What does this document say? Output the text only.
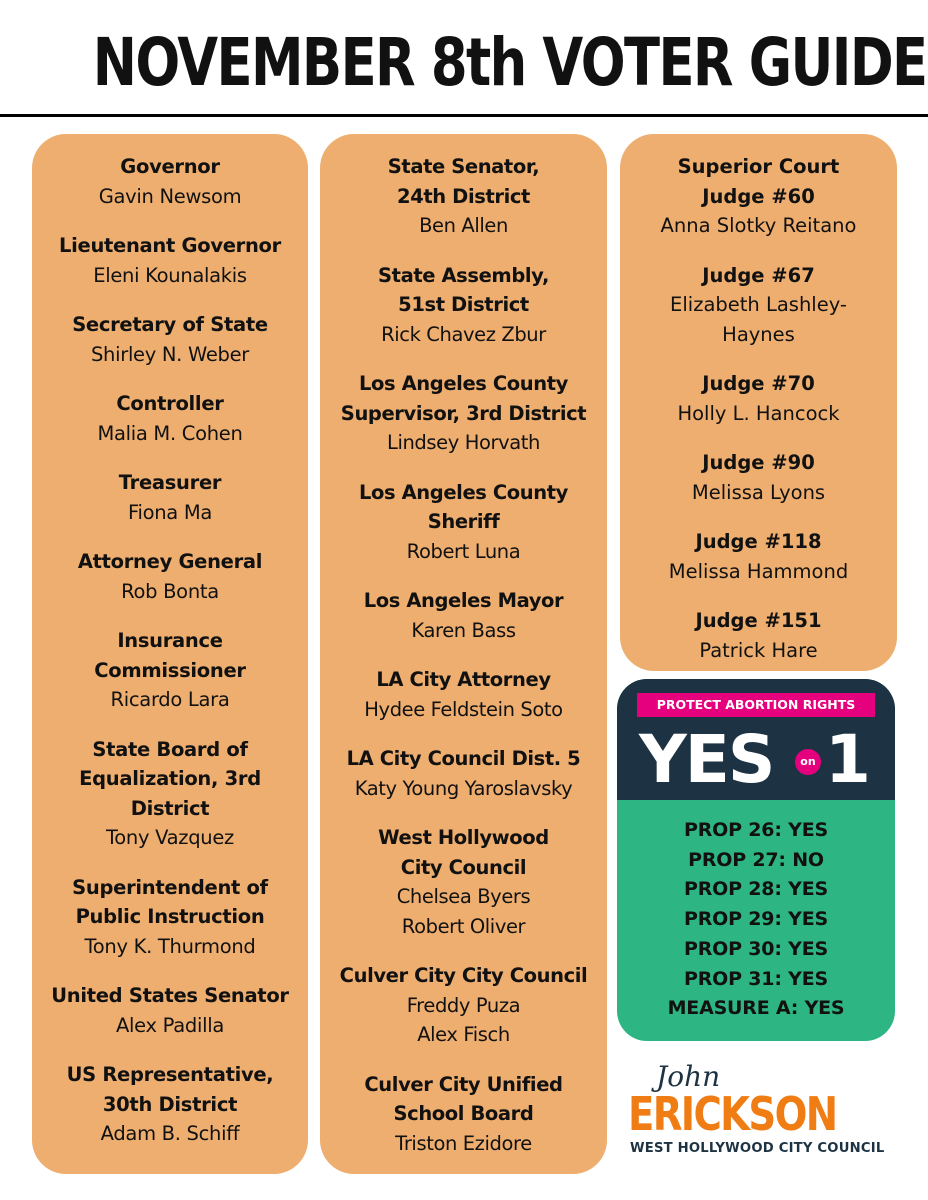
NOVEMBER 8th VOTER GUIDE
Governor
Gavin Newsom
Lieutenant Governor
Eleni Kounalakis
Secretary of State
Shirley N. Weber
Controller
Malia M. Cohen
Treasurer
Fiona Ma
Attorney General
Rob Bonta
Insurance
Commissioner
Ricardo Lara
State Board of
Equalization, 3rd
District
Tony Vazquez
Superintendent of
Public Instruction
Tony K. Thurmond
United States Senator
Alex Padilla
US Representative,
30th District
Adam B. Schiff
State Senator,
24th District
Ben Allen
State Assembly,
51st District
Rick Chavez Zbur
Los Angeles County
Supervisor, 3rd District
Lindsey Horvath
Los Angeles County
Sheriff
Robert Luna
Los Angeles Mayor
Karen Bass
LA City Attorney
Hydee Feldstein Soto
LA City Council Dist. 5
Katy Young Yaroslavsky
West Hollywood
City Council
Chelsea Byers
Robert Oliver
Culver City City Council
Freddy Puza
Alex Fisch
Culver City Unified
School Board
Triston Ezidore
Superior Court
Judge #60
Anna Slotky Reitano
Judge #67
Elizabeth Lashley-
Haynes
Judge #70
Holly L. Hancock
Judge #90
Melissa Lyons
Judge #118
Melissa Hammond
Judge #151
Patrick Hare
PROTECT ABORTION RIGHTS
YES	on 1
PROP 26: YES
PROP 27: NO
PROP 28: YES
PROP 29: YES
PROP 30: YES
PROP 31: YES
MEASURE A: YES
John
ERICKSON
WEST HOLLYWOOD CITY COUNCIL
